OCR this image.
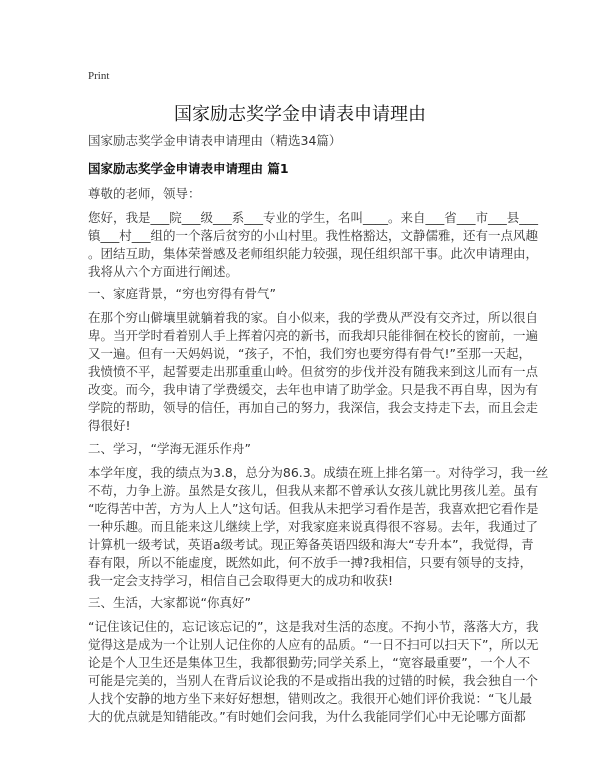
Print
国家励志奖学金申请表申请理由
国家励志奖学金申请表申请理由（精选34篇）
国家励志奖学金申请表申请理由 篇1
尊敬的老师，领导：
您好，我是___院___级___系___专业的学生，名叫____。来自___省___市___县___
镇___村___组的一个落后贫穷的小山村里。我性格豁达，文静儒雅，还有一点风趣
。团结互助，集体荣誉感及老师组织能力较强，现任组织部干事。此次申请理由，
我将从六个方面进行阐述。
一、家庭背景，“穷也穷得有骨气”
在那个穷山僻壤里就躺着我的家。自小似来，我的学费从严没有交齐过，所以很自
卑。当开学时看着别人手上挥着闪亮的新书，而我却只能徘徊在校长的窗前，一遍
又一遍。但有一天妈妈说，“孩子，不怕，我们穷也要穷得有骨气!”至那一天起，
我愤愤不平，起誓要走出那重重山岭。但贫穷的步伐并没有随我来到这儿而有一点
改变。而今，我申请了学费缓交，去年也申请了助学金。只是我不再自卑，因为有
学院的帮助，领导的信任，再加自己的努力，我深信，我会支持走下去，而且会走
得很好!
二、学习，“学海无涯乐作舟”
本学年度，我的绩点为3.8，总分为86.3。成绩在班上排名第一。对待学习，我一丝
不苟，力争上游。虽然是女孩儿，但我从来都不曾承认女孩儿就比男孩儿差。虽有
“吃得苦中苦，方为人上人”这句话。但我从未把学习看作是苦，我喜欢把它看作是
一种乐趣。而且能来这儿继续上学，对我家庭来说真得很不容易。去年，我通过了
计算机一级考试，英语a级考试。现正筹备英语四级和海大“专升本”，我觉得，青
春有限，所以不能虚度，既然如此，何不放手一搏?我相信，只要有领导的支持，
我一定会支持学习，相信自己会取得更大的成功和收获!
三、生活，大家都说“你真好”
“记住该记住的，忘记该忘记的”，这是我对生活的态度。不拘小节，落落大方，我
觉得这是成为一个让别人记住你的人应有的品质。“一日不扫可以扫天下”，所以无
论是个人卫生还是集体卫生，我都很勤劳;同学关系上，“宽容最重要”，一个人不
可能是完美的，当别人在背后议论我的不是或指出我的过错的时候，我会独自一个
人找个安静的地方坐下来好好想想，错则改之。我很开心她们评价我说：“飞儿最
大的优点就是知错能改。”有时她们会问我，为什么我能同学们心中无论哪方面都
